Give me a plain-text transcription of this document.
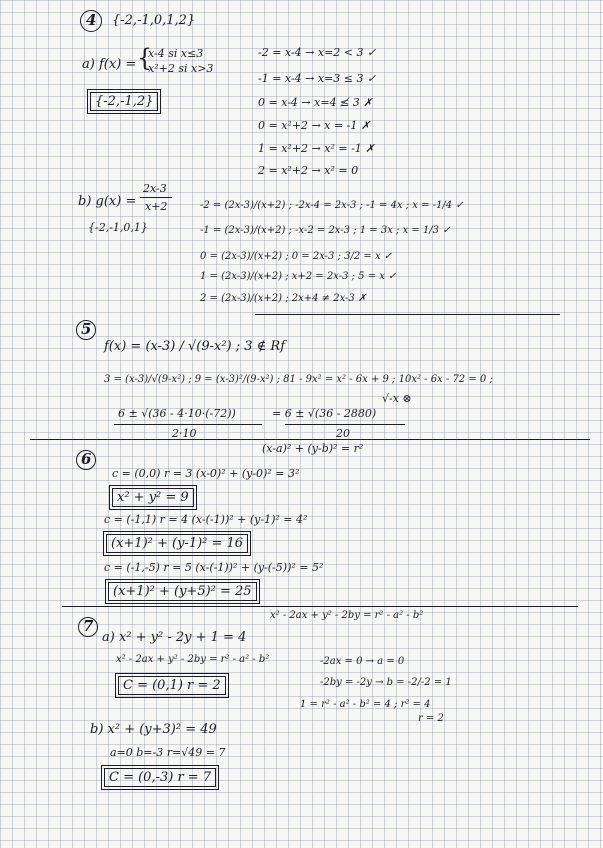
4 {-2,-1,0,1,2}
a) f(x) = {
x-4 si x≤3
x²+2 si x>3
{-2,-1,2}
-2 = x-4 → x=2 < 3 ✓
-1 = x-4 → x=3 ≤ 3 ✓
0 = x-4 → x=4 ≰ 3 ✗
0 = x²+2 → x = -1 ✗
1 = x²+2 → x² = -1 ✗
2 = x²+2 → x² = 0
b) g(x) =
2x-3
x+2
{-2,-1,0,1}
-2 = (2x-3)/(x+2) ; -2x-4 = 2x-3 ; -1 = 4x ; x = -1/4 ✓
-1 = (2x-3)/(x+2) ; -x-2 = 2x-3 ; 1 = 3x ; x = 1/3 ✓
0 = (2x-3)/(x+2) ; 0 = 2x-3 ; 3/2 = x ✓
1 = (2x-3)/(x+2) ; x+2 = 2x-3 ; 5 = x ✓
2 = (2x-3)/(x+2) ; 2x+4 ≠ 2x-3 ✗
5
f(x) = (x-3) / √(9-x²) ; 3 ∉ Rf
3 = (x-3)/√(9-x²) ; 9 = (x-3)²/(9-x²) ; 81 - 9x² = x² - 6x + 9 ; 10x² - 6x - 72 = 0 ;
√-x ⊗
6 ± √(36 - 4·10·(-72))
2·10
= 6 ± √(36 - 2880)
20
(x-a)² + (y-b)² = r²
6
c = (0,0) r = 3 (x-0)² + (y-0)² = 3²
x² + y² = 9
c = (-1,1) r = 4 (x-(-1))² + (y-1)² = 4²
(x+1)² + (y-1)² = 16
c = (-1,-5) r = 5 (x-(-1))² + (y-(-5))² = 5²
(x+1)² + (y+5)² = 25
x² - 2ax + y² - 2by = r² - a² - b²
7
a) x² + y² - 2y + 1 = 4
x² - 2ax + y² - 2by = r² - a² - b²
C = (0,1) r = 2
-2ax = 0 → a = 0
-2by = -2y → b = -2/-2 = 1
1 = r² - a² - b² = 4 ; r² = 4
r = 2
b) x² + (y+3)² = 49
a=0 b=-3 r=√49 = 7
C = (0,-3) r = 7
